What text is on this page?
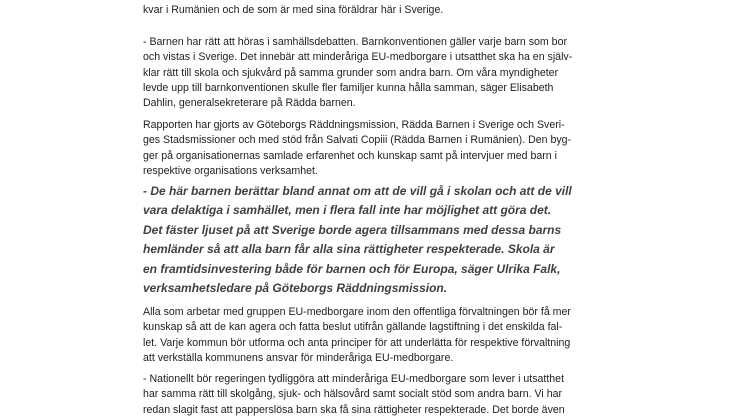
kvar i Rumänien och de som är med sina föräldrar här i Sverige.

- Barnen har rätt att höras i samhällsdebatten. Barnkonventionen gäller varje barn som bor
och vistas i Sverige. Det innebär att minderåriga EU-medborgare i utsatthet ska ha en själv-
klar rätt till skola och sjukvård på samma grunder som andra barn. Om våra myndigheter
levde upp till barnkonventionen skulle fler familjer kunna hålla samman, säger Elisabeth
Dahlin, generalsekreterare på Rädda barnen.

Rapporten har gjorts av Göteborgs Räddningsmission, Rädda Barnen i Sverige och Sveri-
ges Stadsmissioner och med stöd från Salvati Copiii (Rädda Barnen i Rumänien). Den byg-
ger på organisationernas samlade erfarenhet och kunskap samt på intervjuer med barn i
respektive organisations verksamhet.

- De här barnen berättar bland annat om att de vill gå i skolan och att de vill
vara delaktiga i samhället, men i flera fall inte har möjlighet att göra det.
Det fäster ljuset på att Sverige borde agera tillsammans med dessa barns
hemländer så att alla barn får alla sina rättigheter respekterade. Skola är
en framtidsinvestering både för barnen och för Europa, säger Ulrika Falk,
verksamhetsledare på Göteborgs Räddningsmission.

Alla som arbetar med gruppen EU-medborgare inom den offentliga förvaltningen bör få mer
kunskap så att de kan agera och fatta beslut utifrån gällande lagstiftning i det enskilda fal-
let. Varje kommun bör utforma och anta principer för att underlätta för respektive förvaltning
att verkställa kommunens ansvar för minderåriga EU-medborgare.

- Nationellt bör regeringen tydliggöra att minderåriga EU-medborgare som lever i utsatthet
har samma rätt till skolgång, sjuk- och hälsovård samt socialt stöd som andra barn. Vi har
redan slagit fast att papperslösa barn ska få sina rättigheter respekterade. Det borde även
